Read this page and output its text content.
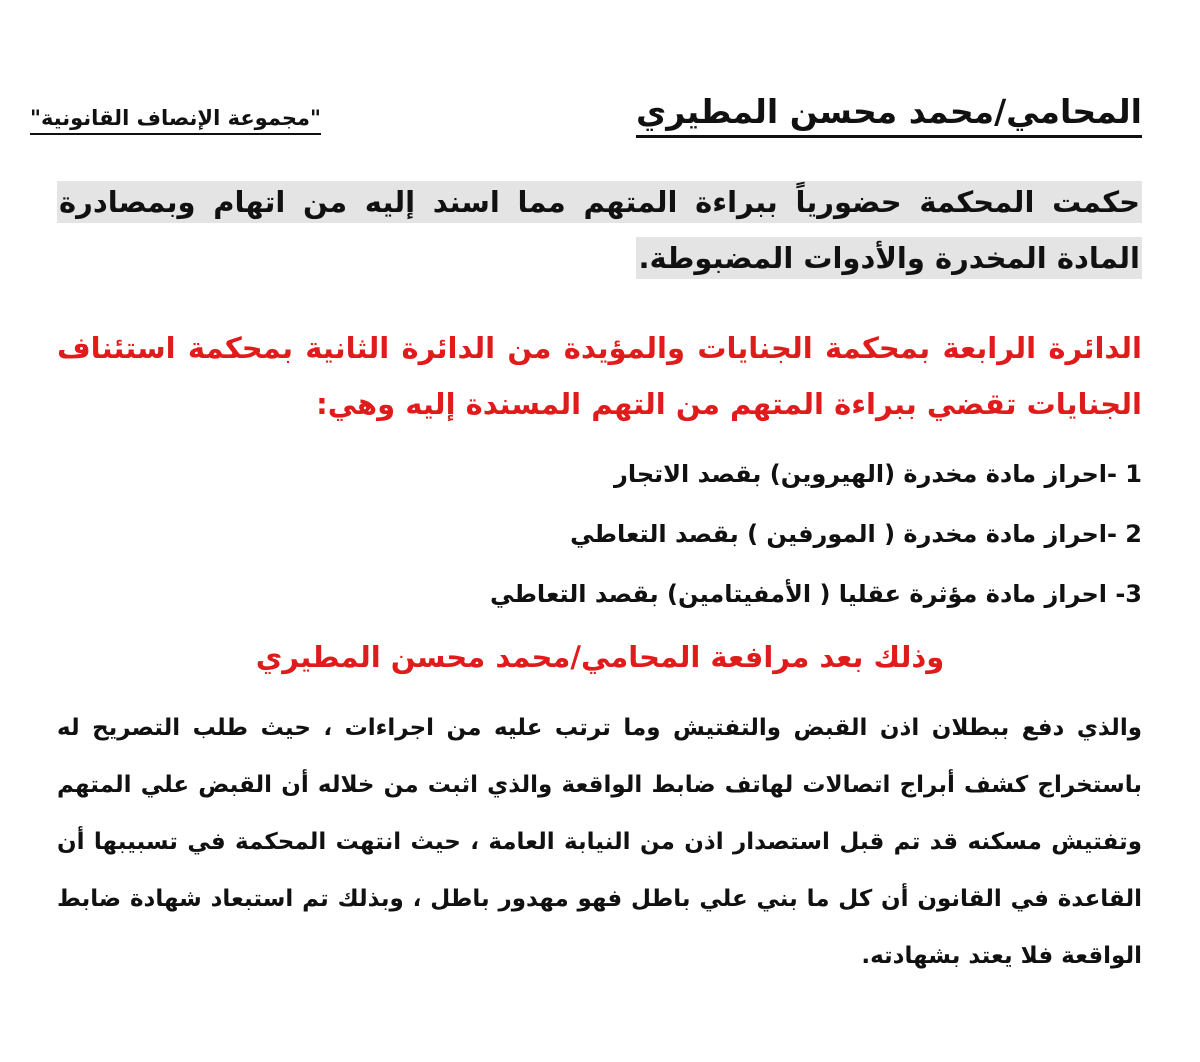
المحامي/محمد محسن المطيري
"مجموعة الإنصاف القانونية"
حكمت المحكمة حضورياً ببراءة المتهم مما اسند إليه من اتهام وبمصادرة المادة المخدرة والأدوات المضبوطة.
الدائرة الرابعة بمحكمة الجنايات والمؤيدة من الدائرة الثانية بمحكمة استئناف الجنايات تقضي ببراءة المتهم من التهم المسندة إليه وهي:
1 -احراز مادة مخدرة (الهيروين) بقصد الاتجار
2 -احراز مادة مخدرة ( المورفين ) بقصد التعاطي
3- احراز مادة مؤثرة عقليا ( الأمفيتامين) بقصد التعاطي
وذلك بعد مرافعة المحامي/محمد محسن المطيري
والذي دفع ببطلان اذن القبض والتفتيش وما ترتب عليه من اجراءات ، حيث طلب التصريح له باستخراج كشف أبراج اتصالات لهاتف ضابط الواقعة والذي اثبت من خلاله أن القبض علي المتهم وتفتيش مسكنه قد تم قبل استصدار اذن من النيابة العامة ، حيث انتهت المحكمة في تسبيبها أن القاعدة في القانون أن كل ما بني علي باطل فهو مهدور باطل ، وبذلك تم استبعاد شهادة ضابط الواقعة فلا يعتد بشهادته.
